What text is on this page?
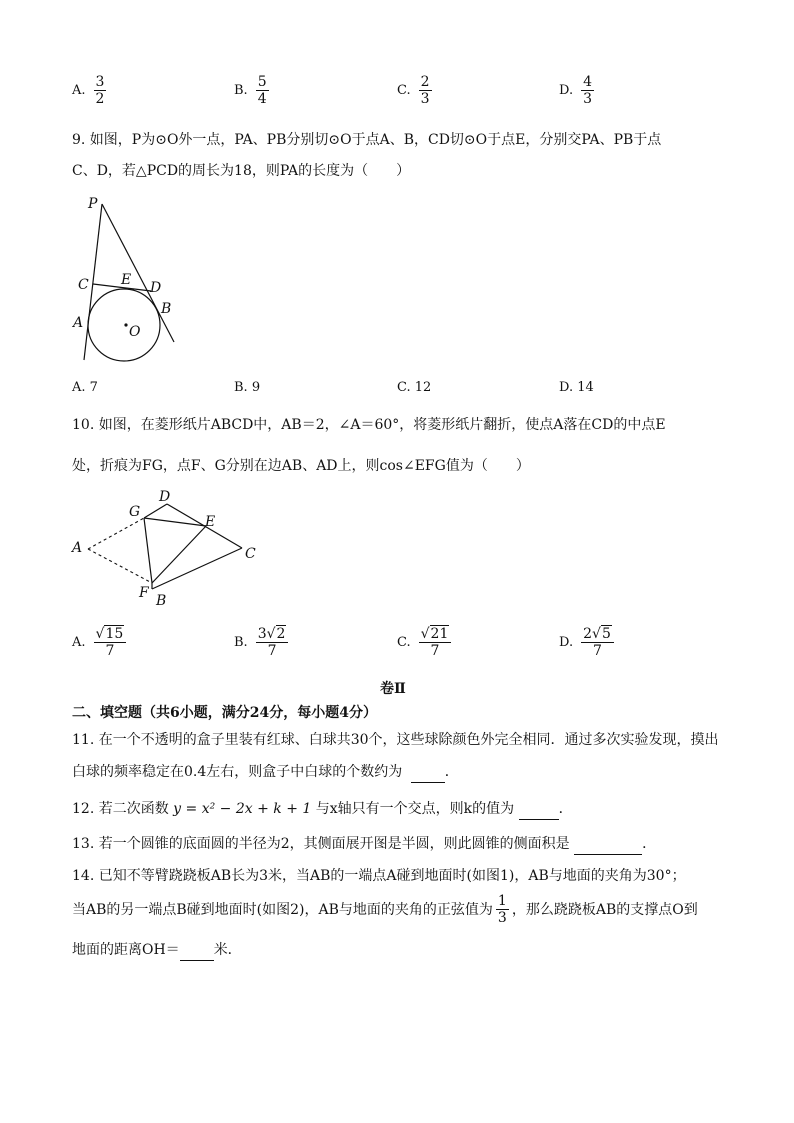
A. $\frac{3}{2}$	B. $\frac{5}{4}$	C. $\frac{2}{3}$	D. $\frac{4}{3}$
9. 如图，P为⊙O外一点，PA、PB分别切⊙O于点A、B，CD切⊙O于点E，分别交PA、PB于点
C、D，若△PCD的周长为18，则PA的长度为（　　）
P
C E D
B
A
O
A. 7	B. 9	C. 12	D. 14
10. 如图，在菱形纸片ABCD中，AB＝2，∠A＝60°，将菱形纸片翻折，使点A落在CD的中点E
处，折痕为FG，点F、G分别在边AB、AD上，则cos∠EFG值为（　　）
A
D
G
E
C
F B
A. $\frac{√15}{7}$	B. $\frac{3√2}{7}$	C. $\frac{√21}{7}$	D. $\frac{2√5}{7}$
卷Ⅱ
二、填空题（共6小题，满分24分，每小题4分）
11. 在一个不透明的盒子里装有红球、白球共30个，这些球除颜色外完全相同．通过多次实验发现，摸出
白球的频率稳定在0.4左右，则盒子中白球的个数约为	．
12. 若二次函数 y = x² − 2x + k + 1 与x轴只有一个交点，则k的值为	．
13. 若一个圆锥的底面圆的半径为2，其侧面展开图是半圆，则此圆锥的侧面积是	．
14. 已知不等臂跷跷板AB长为3米，当AB的一端点A碰到地面时(如图1)，AB与地面的夹角为30°；
当AB的另一端点B碰到地面时(如图2)，AB与地面的夹角的正弦值为 $\frac{1}{3}$ ，那么跷跷板AB的支撑点O到
地面的距离OH＝ 米．
